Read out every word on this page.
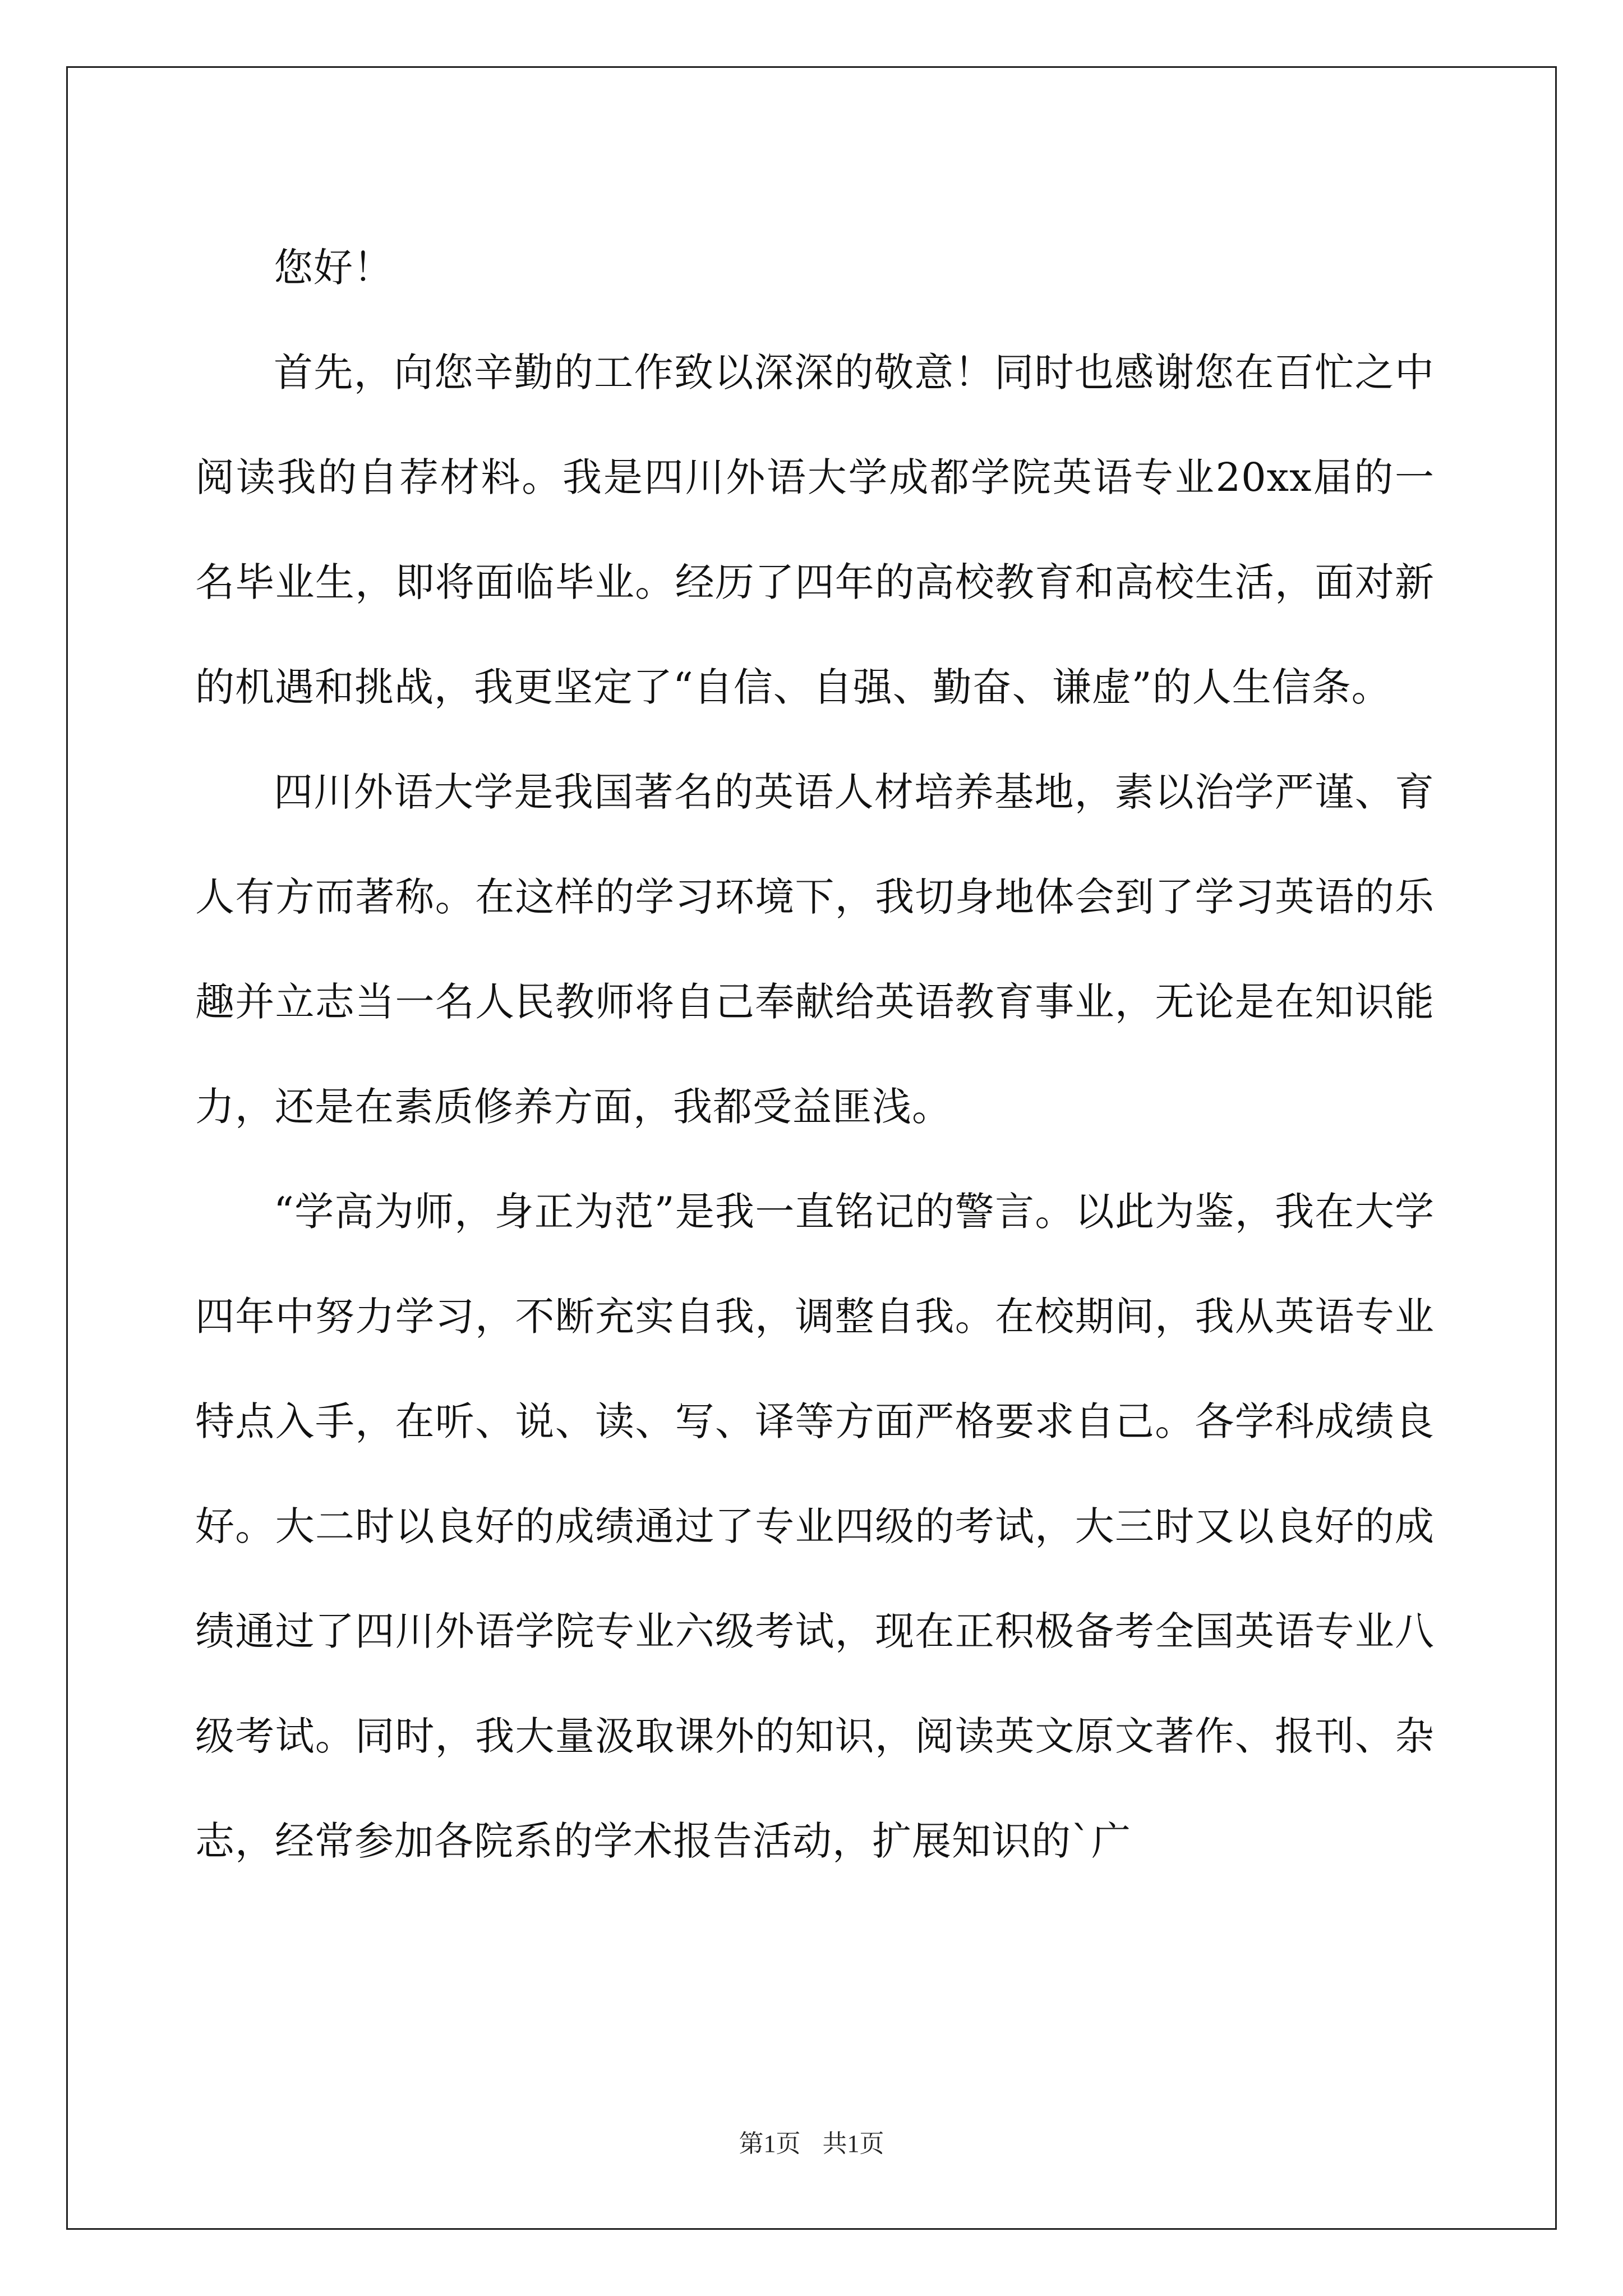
您好！

首先，向您辛勤的工作致以深深的敬意！同时也感谢您在百忙之中阅读我的自荐材料。我是四川外语大学成都学院英语专业20xx届的一名毕业生，即将面临毕业。经历了四年的高校教育和高校生活，面对新的机遇和挑战，我更坚定了“自信、自强、勤奋、谦虚”的人生信条。

四川外语大学是我国著名的英语人材培养基地，素以治学严谨、育人有方而著称。在这样的学习环境下，我切身地体会到了学习英语的乐趣并立志当一名人民教师将自己奉献给英语教育事业，无论是在知识能力，还是在素质修养方面，我都受益匪浅。

“学高为师，身正为范”是我一直铭记的警言。以此为鉴，我在大学四年中努力学习，不断充实自我，调整自我。在校期间，我从英语专业特点入手，在听、说、读、写、译等方面严格要求自己。各学科成绩良好。大二时以良好的成绩通过了专业四级的考试，大三时又以良好的成绩通过了四川外语学院专业六级考试，现在正积极备考全国英语专业八级考试。同时，我大量汲取课外的知识，阅读英文原文著作、报刊、杂志，经常参加各院系的学术报告活动，扩展知识的`广

第1页 共1页
